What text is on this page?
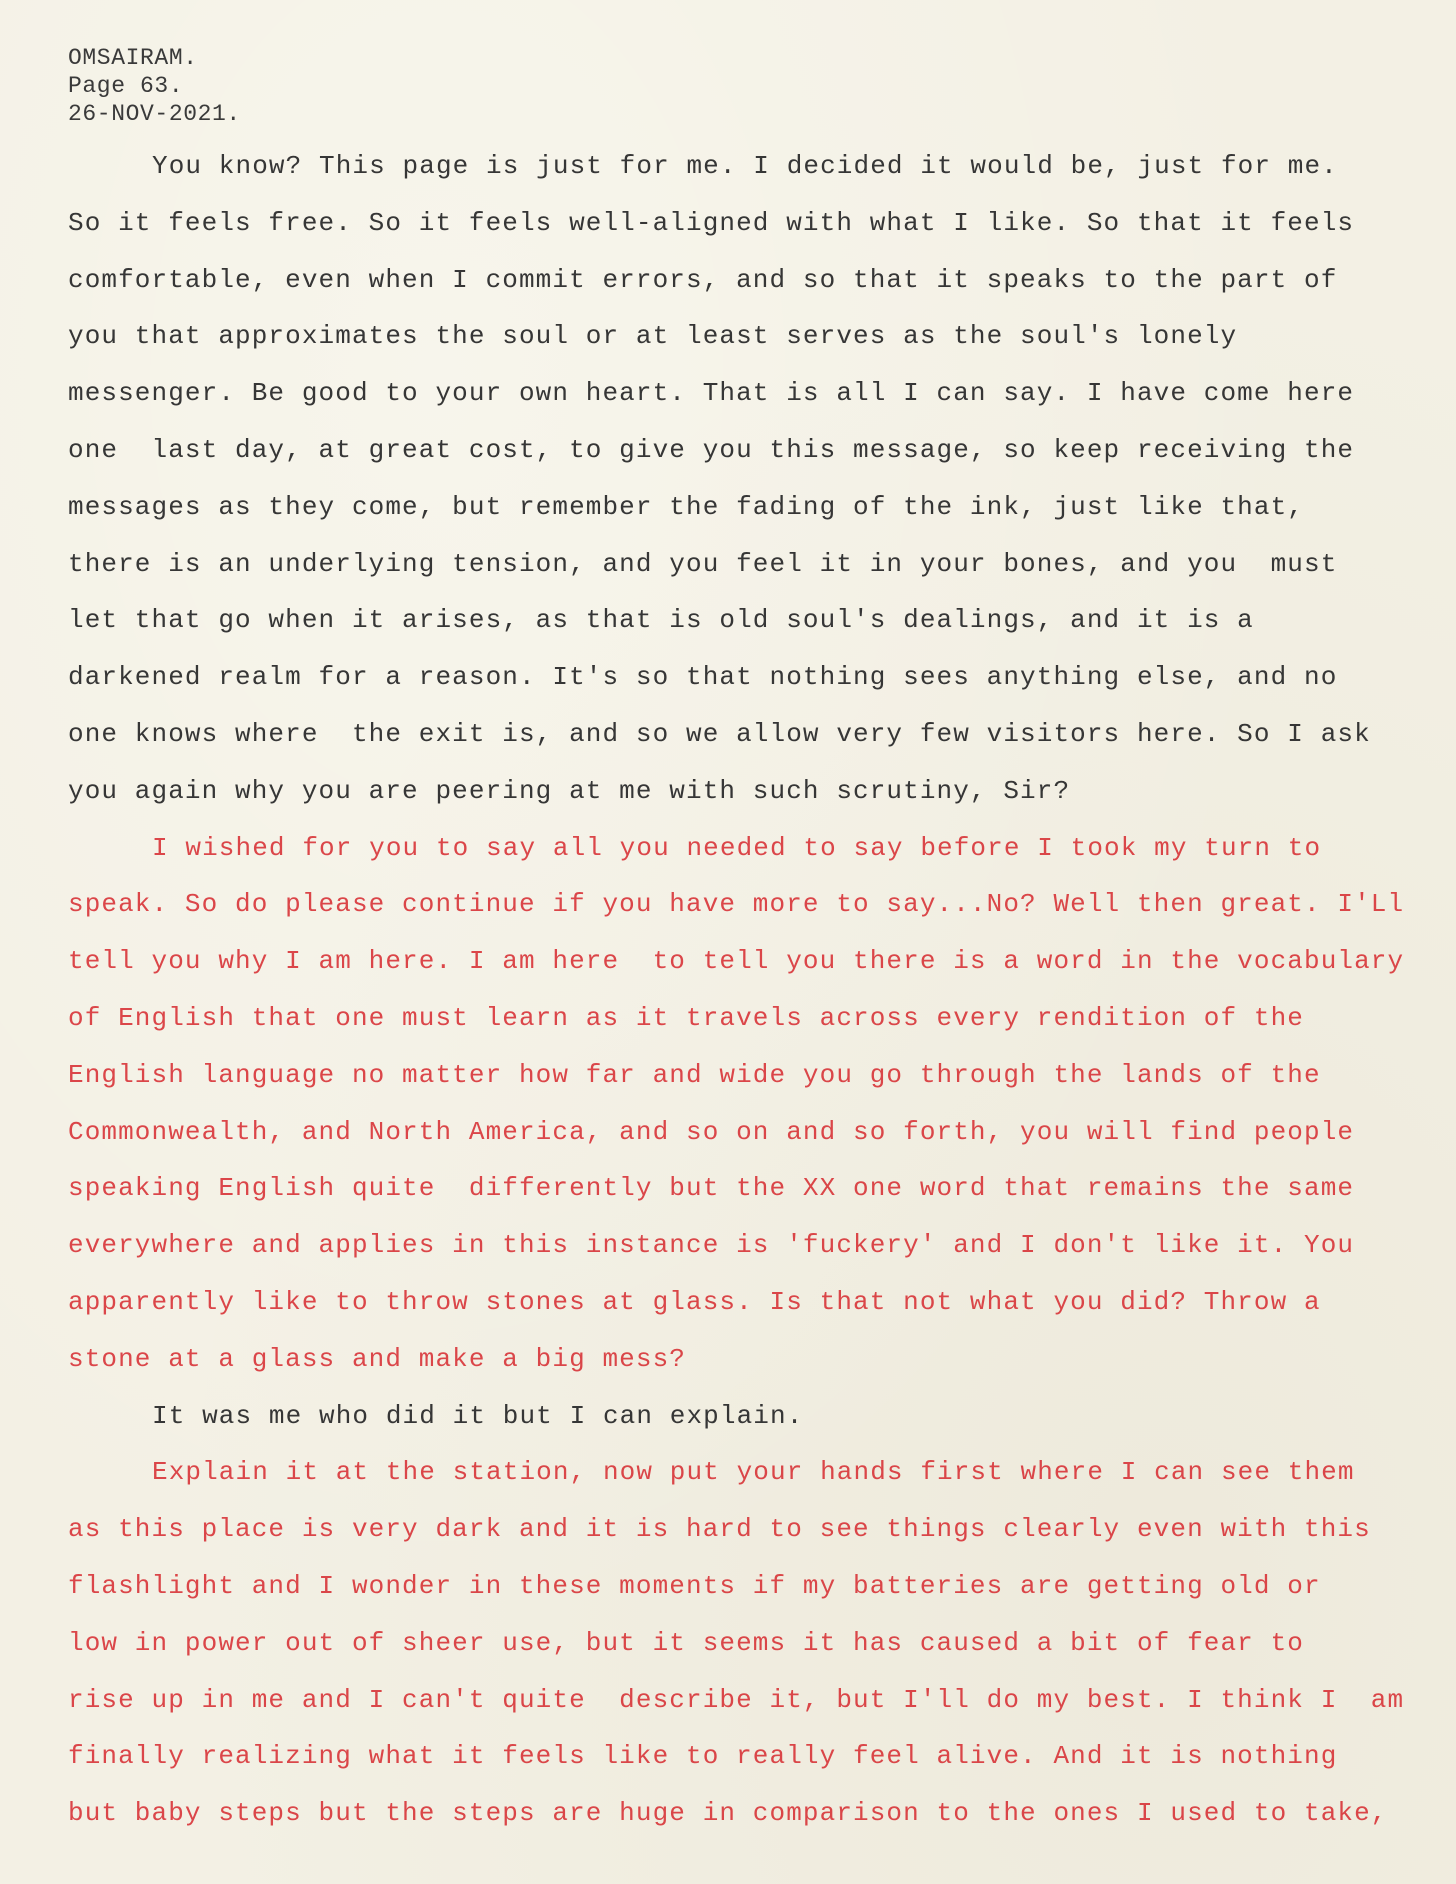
OMSAIRAM.
Page 63.
26-NOV-2021.
You know? This page is just for me. I decided it would be, just for me.
So it feels free. So it feels well-aligned with what I like. So that it feels
comfortable, even when I commit errors, and so that it speaks to the part of
you that approximates the soul or at least serves as the soul's lonely
messenger. Be good to your own heart. That is all I can say. I have come here
one  last day, at great cost, to give you this message, so keep receiving the
messages as they come, but remember the fading of the ink, just like that,
there is an underlying tension, and you feel it in your bones, and you  must
let that go when it arises, as that is old soul's dealings, and it is a
darkened realm for a reason. It's so that nothing sees anything else, and no
one knows where  the exit is, and so we allow very few visitors here. So I ask
you again why you are peering at me with such scrutiny, Sir?
I wished for you to say all you needed to say before I took my turn to
speak. So do please continue if you have more to say...No? Well then great. I'Ll
tell you why I am here. I am here  to tell you there is a word in the vocabulary
of English that one must learn as it travels across every rendition of the
English language no matter how far and wide you go through the lands of the
Commonwealth, and North America, and so on and so forth, you will find people
speaking English quite  differently but the XX one word that remains the same
everywhere and applies in this instance is 'fuckery' and I don't like it. You
apparently like to throw stones at glass. Is that not what you did? Throw a
stone at a glass and make a big mess?
It was me who did it but I can explain.
Explain it at the station, now put your hands first where I can see them
as this place is very dark and it is hard to see things clearly even with this
flashlight and I wonder in these moments if my batteries are getting old or
low in power out of sheer use, but it seems it has caused a bit of fear to
rise up in me and I can't quite  describe it, but I'll do my best. I think I  am
finally realizing what it feels like to really feel alive. And it is nothing
but baby steps but the steps are huge in comparison to the ones I used to take,
